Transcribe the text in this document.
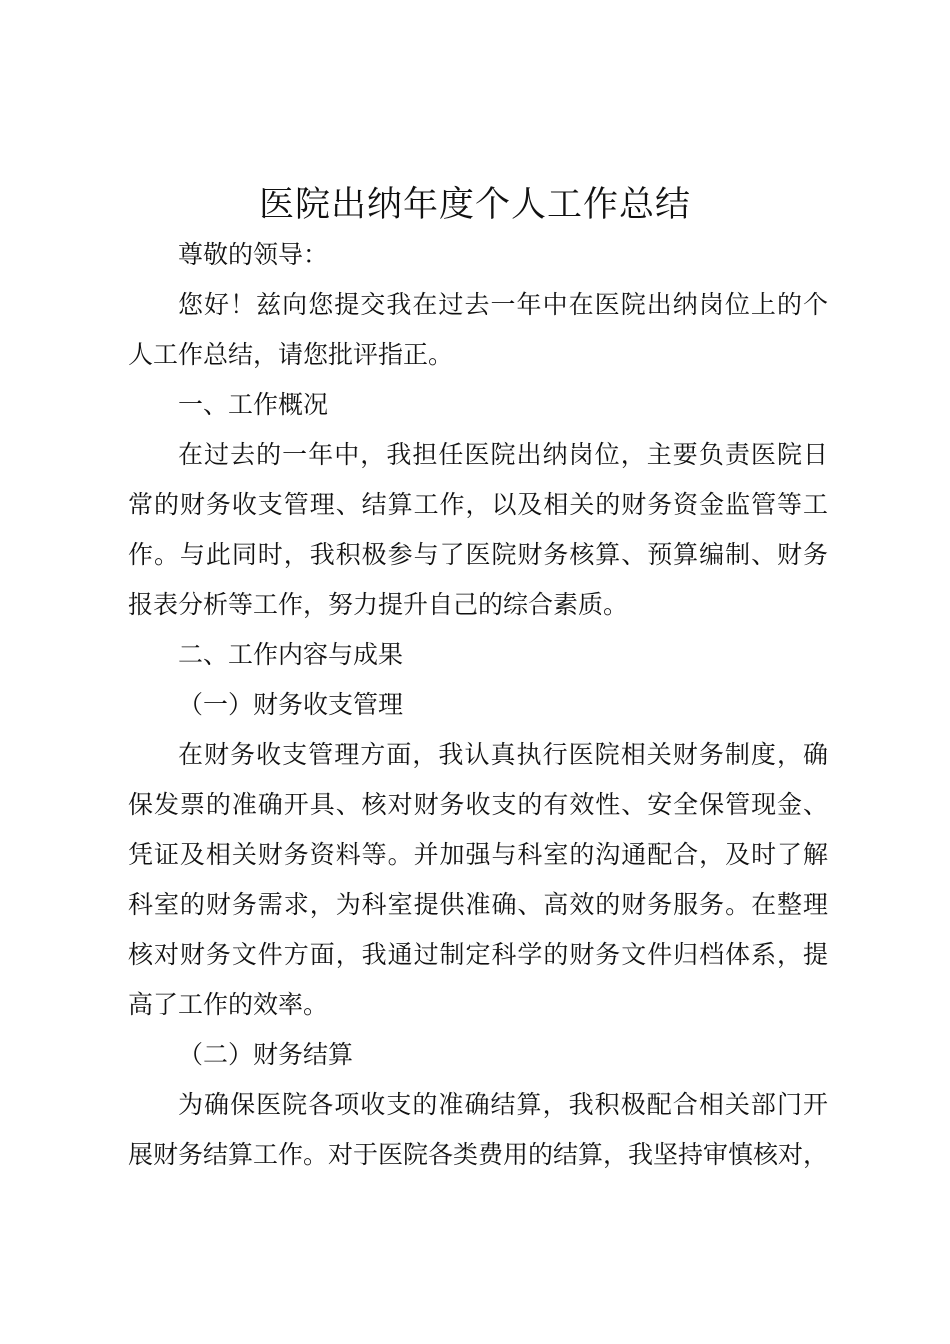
医院出纳年度个人工作总结
尊敬的领导：
您好！兹向您提交我在过去一年中在医院出纳岗位上的个
人工作总结，请您批评指正。
一、工作概况
在过去的一年中，我担任医院出纳岗位，主要负责医院日
常的财务收支管理、结算工作，以及相关的财务资金监管等工
作。与此同时，我积极参与了医院财务核算、预算编制、财务
报表分析等工作，努力提升自己的综合素质。
二、工作内容与成果
（一）财务收支管理
在财务收支管理方面，我认真执行医院相关财务制度，确
保发票的准确开具、核对财务收支的有效性、安全保管现金、
凭证及相关财务资料等。并加强与科室的沟通配合，及时了解
科室的财务需求，为科室提供准确、高效的财务服务。在整理
核对财务文件方面，我通过制定科学的财务文件归档体系，提
高了工作的效率。
（二）财务结算
为确保医院各项收支的准确结算，我积极配合相关部门开
展财务结算工作。对于医院各类费用的结算，我坚持审慎核对，
